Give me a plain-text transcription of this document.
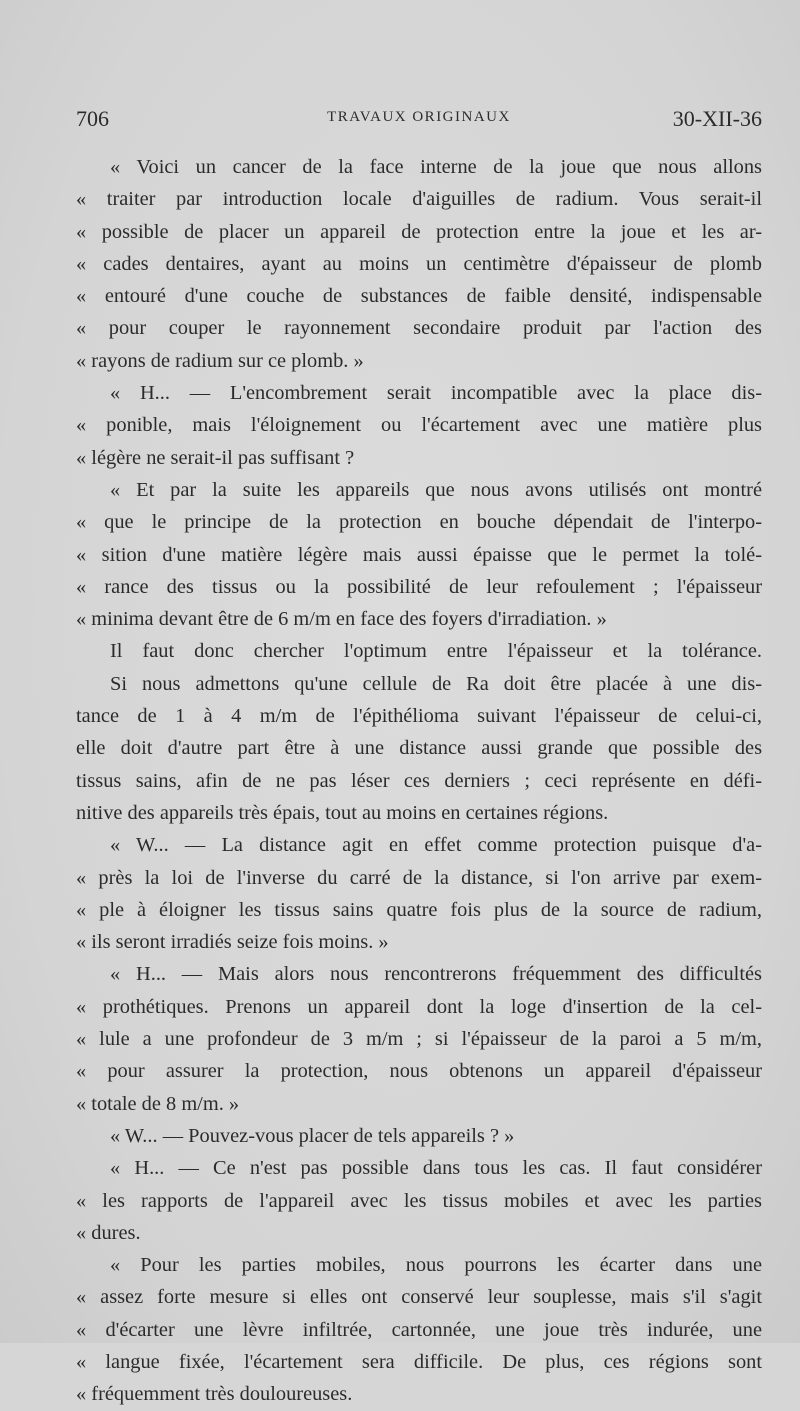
706	TRAVAUX ORIGINAUX	30-XII-36
« Voici un cancer de la face interne de la joue que nous allons
« traiter par introduction locale d'aiguilles de radium. Vous serait-il
« possible de placer un appareil de protection entre la joue et les ar-
« cades dentaires, ayant au moins un centimètre d'épaisseur de plomb
« entouré d'une couche de substances de faible densité, indispensable
« pour couper le rayonnement secondaire produit par l'action des
« rayons de radium sur ce plomb. »
« H... — L'encombrement serait incompatible avec la place dis-
« ponible, mais l'éloignement ou l'écartement avec une matière plus
« légère ne serait-il pas suffisant ?
« Et par la suite les appareils que nous avons utilisés ont montré
« que le principe de la protection en bouche dépendait de l'interpo-
« sition d'une matière légère mais aussi épaisse que le permet la tolé-
« rance des tissus ou la possibilité de leur refoulement ; l'épaisseur
« minima devant être de 6 m/m en face des foyers d'irradiation. »
Il faut donc chercher l'optimum entre l'épaisseur et la tolérance.
Si nous admettons qu'une cellule de Ra doit être placée à une dis-
tance de 1 à 4 m/m de l'épithélioma suivant l'épaisseur de celui-ci,
elle doit d'autre part être à une distance aussi grande que possible des
tissus sains, afin de ne pas léser ces derniers ; ceci représente en défi-
nitive des appareils très épais, tout au moins en certaines régions.
« W... — La distance agit en effet comme protection puisque d'a-
« près la loi de l'inverse du carré de la distance, si l'on arrive par exem-
« ple à éloigner les tissus sains quatre fois plus de la source de radium,
« ils seront irradiés seize fois moins. »
« H... — Mais alors nous rencontrerons fréquemment des difficultés
« prothétiques. Prenons un appareil dont la loge d'insertion de la cel-
« lule a une profondeur de 3 m/m ; si l'épaisseur de la paroi a 5 m/m,
« pour assurer la protection, nous obtenons un appareil d'épaisseur
« totale de 8 m/m. »
« W... — Pouvez-vous placer de tels appareils ? »
« H... — Ce n'est pas possible dans tous les cas. Il faut considérer
« les rapports de l'appareil avec les tissus mobiles et avec les parties
« dures.
« Pour les parties mobiles, nous pourrons les écarter dans une
« assez forte mesure si elles ont conservé leur souplesse, mais s'il s'agit
« d'écarter une lèvre infiltrée, cartonnée, une joue très indurée, une
« langue fixée, l'écartement sera difficile. De plus, ces régions sont
« fréquemment très douloureuses.
